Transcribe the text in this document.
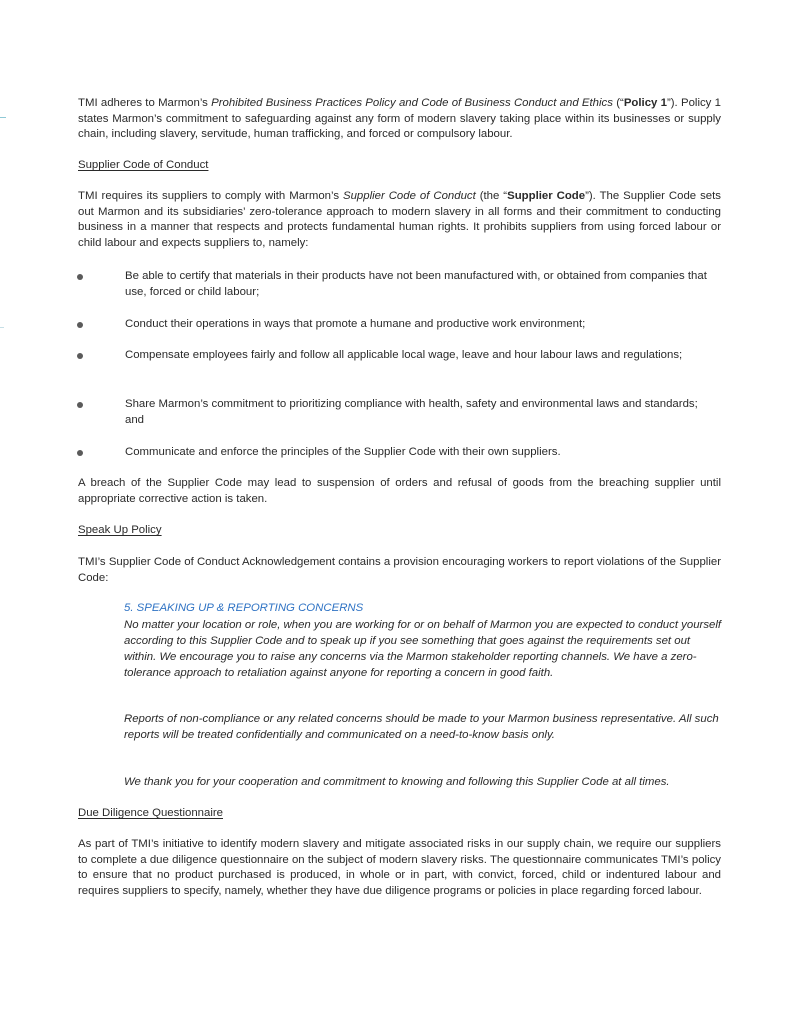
TMI adheres to Marmon’s Prohibited Business Practices Policy and Code of Business Conduct and Ethics (“Policy 1”). Policy 1 states Marmon’s commitment to safeguarding against any form of modern slavery taking place within its businesses or supply chain, including slavery, servitude, human trafficking, and forced or compulsory labour.

Supplier Code of Conduct

TMI requires its suppliers to comply with Marmon’s Supplier Code of Conduct (the “Supplier Code”). The Supplier Code sets out Marmon and its subsidiaries’ zero-tolerance approach to modern slavery in all forms and their commitment to conducting business in a manner that respects and protects fundamental human rights. It prohibits suppliers from using forced labour or child labour and expects suppliers to, namely:

Be able to certify that materials in their products have not been manufactured with, or obtained from companies that use, forced or child labour;

Conduct their operations in ways that promote a humane and productive work environment;

Compensate employees fairly and follow all applicable local wage, leave and hour labour laws and regulations;

Share Marmon’s commitment to prioritizing compliance with health, safety and environmental laws and standards; and

Communicate and enforce the principles of the Supplier Code with their own suppliers.

A breach of the Supplier Code may lead to suspension of orders and refusal of goods from the breaching supplier until appropriate corrective action is taken.

Speak Up Policy

TMI’s Supplier Code of Conduct Acknowledgement contains a provision encouraging workers to report violations of the Supplier Code:

5. SPEAKING UP & REPORTING CONCERNS

No matter your location or role, when you are working for or on behalf of Marmon you are expected to conduct yourself according to this Supplier Code and to speak up if you see something that goes against the requirements set out within. We encourage you to raise any concerns via the Marmon stakeholder reporting channels. We have a zero-tolerance approach to retaliation against anyone for reporting a concern in good faith.

Reports of non-compliance or any related concerns should be made to your Marmon business representative. All such reports will be treated confidentially and communicated on a need-to-know basis only.

We thank you for your cooperation and commitment to knowing and following this Supplier Code at all times.

Due Diligence Questionnaire

As part of TMI’s initiative to identify modern slavery and mitigate associated risks in our supply chain, we require our suppliers to complete a due diligence questionnaire on the subject of modern slavery risks. The questionnaire communicates TMI’s policy to ensure that no product purchased is produced, in whole or in part, with convict, forced, child or indentured labour and requires suppliers to specify, namely, whether they have due diligence programs or policies in place regarding forced labour.
